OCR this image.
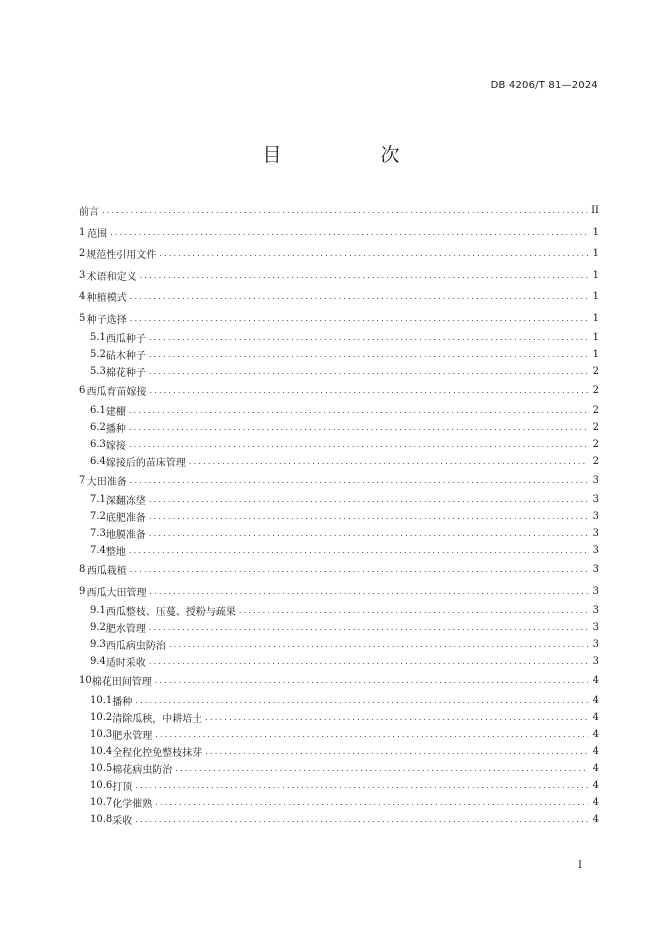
DB 4206/T 81—2024
目　次
前言 .....	II
1 范围 .....	1
2 规范性引用文件 .....	1
3 术语和定义 .....	1
4 种植模式 .....	1
5 种子选择 .....	1
5.1 西瓜种子 .....	1
5.2 砧木种子 .....	1
5.3 棉花种子 .....	2
6 西瓜育苗嫁接 .....	2
6.1 建棚 .....	2
6.2 播种 .....	2
6.3 嫁接 .....	2
6.4 嫁接后的苗床管理 .....	2
7 大田准备 .....	3
7.1 深翻冻垡 .....	3
7.2 底肥准备 .....	3
7.3 地膜准备 .....	3
7.4 整地 .....	3
8 西瓜栽植 .....	3
9 西瓜大田管理 .....	3
9.1 西瓜整枝、压蔓、授粉与疏果 .....	3
9.2 肥水管理 .....	3
9.3 西瓜病虫防治 .....	3
9.4 适时采收 .....	3
10 棉花田间管理 .....	4
10.1 播种 .....	4
10.2 清除瓜秧，中耕培土 .....	4
10.3 肥水管理 .....	4
10.4 全程化控免整枝抹芽 .....	4
10.5 棉花病虫防治 .....	4
10.6 打顶 .....	4
10.7 化学催熟 .....	4
10.8 采收 .....	4
I
